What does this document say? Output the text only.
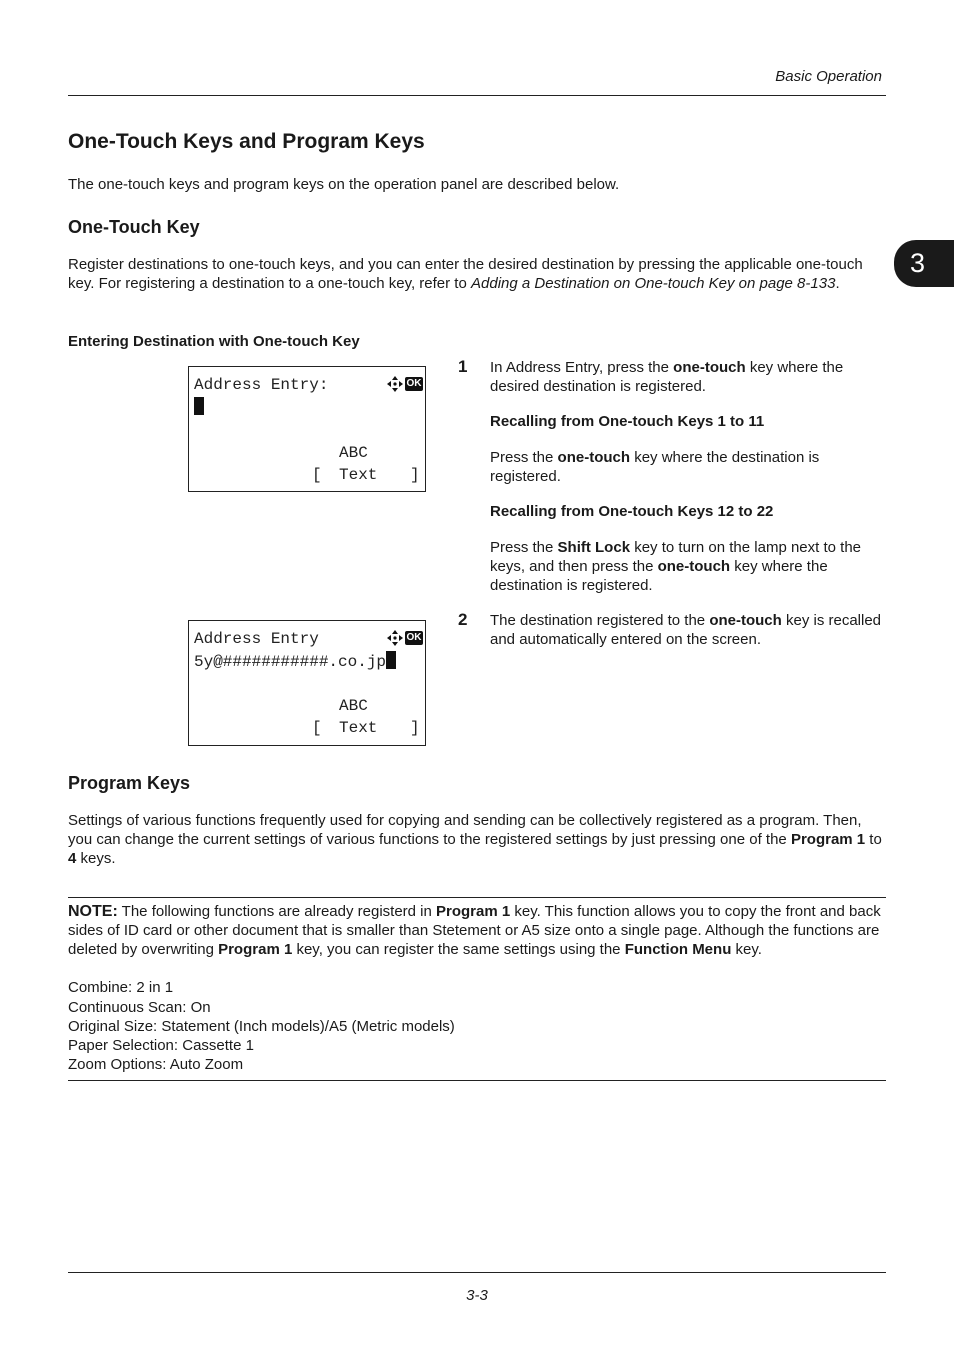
Basic Operation
3
One-Touch Keys and Program Keys

The one-touch keys and program keys on the operation panel are described below.

One-Touch Key

Register destinations to one-touch keys, and you can enter the desired destination by pressing the applicable one-touch key. For registering a destination to a one-touch key, refer to Adding a Destination on One-touch Key on page 8-133.

Entering Destination with One-touch Key
Address Entry:	OK
ABC
[ Text ]
1 In Address Entry, press the one-touch key where the desired destination is registered.

Recalling from One-touch Keys 1 to 11

Press the one-touch key where the destination is registered.

Recalling from One-touch Keys 12 to 22

Press the Shift Lock key to turn on the lamp next to the keys, and then press the one-touch key where the destination is registered.

Address Entry	OK
5y@###########.co.jp
ABC
[ Text ]
2 The destination registered to the one-touch key is recalled and automatically entered on the screen.

Program Keys

Settings of various functions frequently used for copying and sending can be collectively registered as a program. Then, you can change the current settings of various functions to the registered settings by just pressing one of the Program 1 to 4 keys.

NOTE: The following functions are already registerd in Program 1 key. This function allows you to copy the front and back sides of ID card or other document that is smaller than Stetement or A5 size onto a single page. Although the functions are deleted by overwriting Program 1 key, you can register the same settings using the Function Menu key.

Combine: 2 in 1

Continuous Scan: On

Original Size: Statement (Inch models)/A5 (Metric models)

Paper Selection: Cassette 1

Zoom Options: Auto Zoom

3-3
